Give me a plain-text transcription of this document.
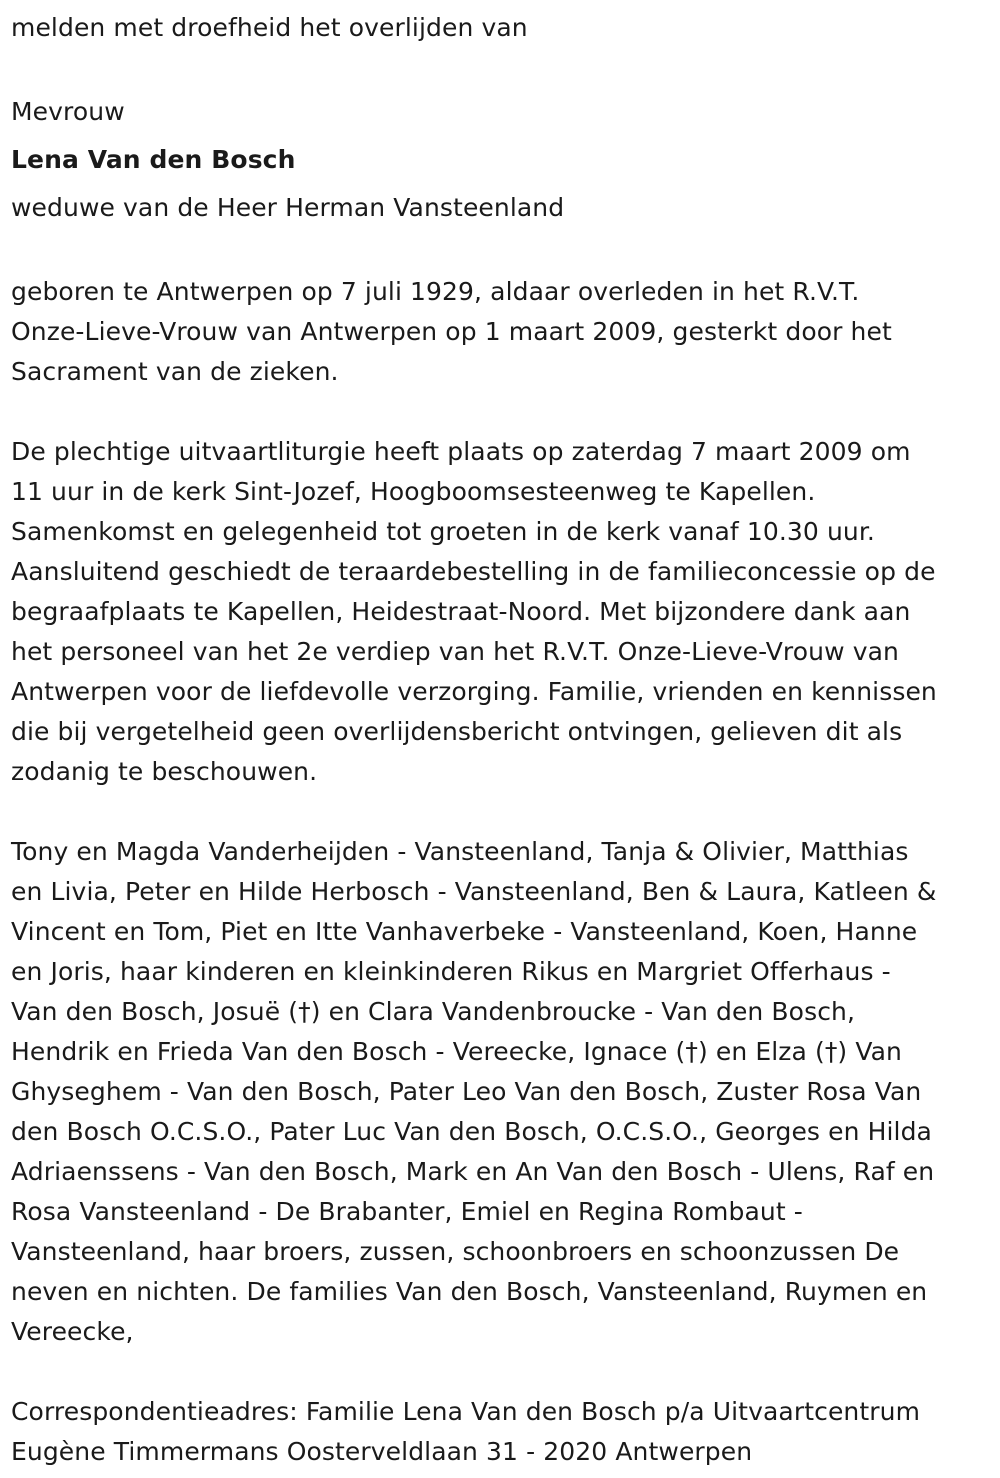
melden met droefheid het overlijden van

Mevrouw

Lena Van den Bosch

weduwe van de Heer Herman Vansteenland

geboren te Antwerpen op 7 juli 1929, aldaar overleden in het R.V.T.

Onze-Lieve-Vrouw van Antwerpen op 1 maart 2009, gesterkt door het

Sacrament van de zieken.

De plechtige uitvaartliturgie heeft plaats op zaterdag 7 maart 2009 om

11 uur in de kerk Sint-Jozef, Hoogboomsesteenweg te Kapellen.

Samenkomst en gelegenheid tot groeten in de kerk vanaf 10.30 uur.

Aansluitend geschiedt de teraardebestelling in de familieconcessie op de

begraafplaats te Kapellen, Heidestraat-Noord. Met bijzondere dank aan

het personeel van het 2e verdiep van het R.V.T. Onze-Lieve-Vrouw van

Antwerpen voor de liefdevolle verzorging. Familie, vrienden en kennissen

die bij vergetelheid geen overlijdensbericht ontvingen, gelieven dit als

zodanig te beschouwen.

Tony en Magda Vanderheijden - Vansteenland, Tanja & Olivier, Matthias

en Livia, Peter en Hilde Herbosch - Vansteenland, Ben & Laura, Katleen &

Vincent en Tom, Piet en Itte Vanhaverbeke - Vansteenland, Koen, Hanne

en Joris, haar kinderen en kleinkinderen Rikus en Margriet Offerhaus -

Van den Bosch, Josuë (†) en Clara Vandenbroucke - Van den Bosch,

Hendrik en Frieda Van den Bosch - Vereecke, Ignace (†) en Elza (†) Van

Ghyseghem - Van den Bosch, Pater Leo Van den Bosch, Zuster Rosa Van

den Bosch O.C.S.O., Pater Luc Van den Bosch, O.C.S.O., Georges en Hilda

Adriaenssens - Van den Bosch, Mark en An Van den Bosch - Ulens, Raf en

Rosa Vansteenland - De Brabanter, Emiel en Regina Rombaut -

Vansteenland, haar broers, zussen, schoonbroers en schoonzussen De

neven en nichten. De families Van den Bosch, Vansteenland, Ruymen en

Vereecke,

Correspondentieadres: Familie Lena Van den Bosch p/a Uitvaartcentrum

Eugène Timmermans Oosterveldlaan 31 - 2020 Antwerpen
